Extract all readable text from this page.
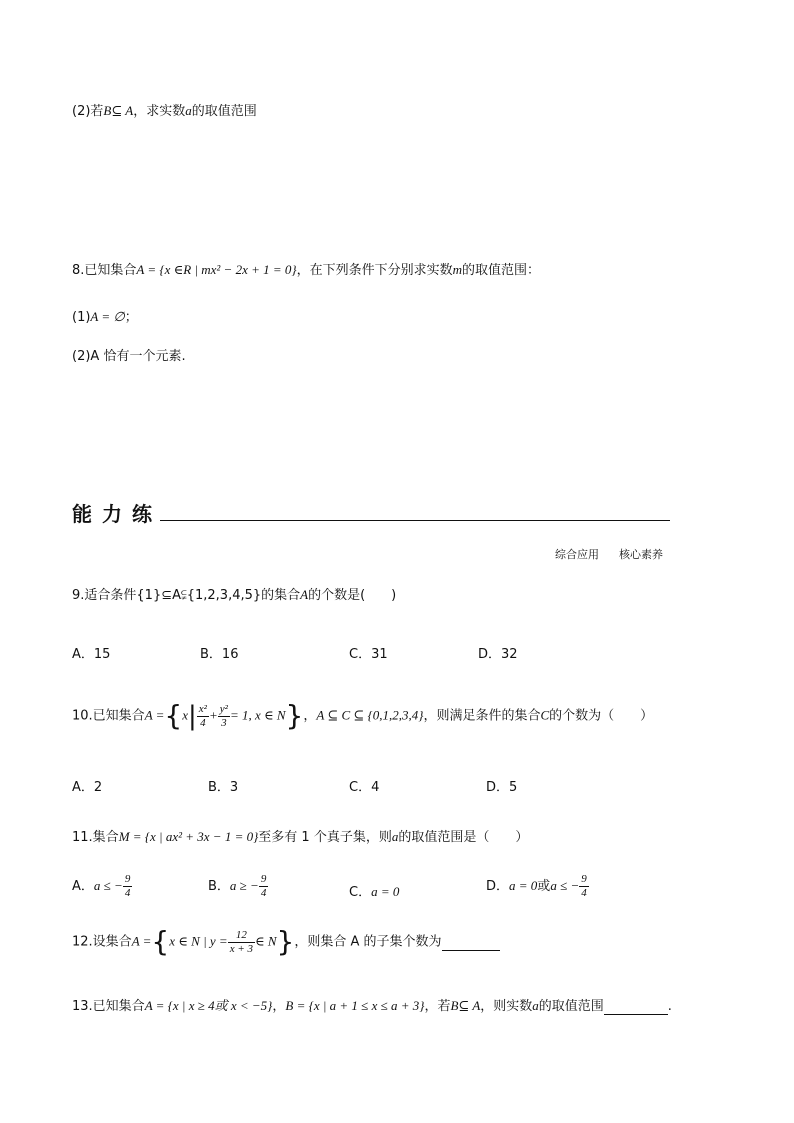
(2)若B⊆ A，求实数a的取值范围
8.已知集合A = {x ∈R | mx² − 2x + 1 = 0}，在下列条件下分别求实数m的取值范围：
(1)A = ∅；
(2)A 恰有一个元素.
能力练
综合应用 核心素养
9.适合条件{1}⊆A⫋{1,2,3,4,5}的集合A的个数是(　　)
A．15	B．16	C．31	D．32
10.已知集合$A =\{x| \frac{\text{x²}}{4} + \frac{\text{y²}}{3} = 1$, x ∈ N}，A ⊆ C ⊆ {0,1,2,3,4}，则满足条件的集合C的个数为（　　）
A．2	B．3	C．4	D．5
11.集合M = {x | ax² + 3x − 1 = 0}至多有 1 个真子集，则a的取值范围是（　　）
A．a ≤ − $\frac{9}{4}$	B．a ≥ − $\frac{9}{4}$	C．a = 0	D．a = 0或a ≤ − $\frac{9}{4}$
12.设集合A ={x ∈ N | $y = \frac{12}{x + 3}$ ∈ N}，则集合 A 的子集个数为
13.已知集合A = {x | x ≥ 4或 x < −5}，B = {x | a + 1 ≤ x ≤ a + 3}，若B⊆ A，则实数a的取值范围	.
